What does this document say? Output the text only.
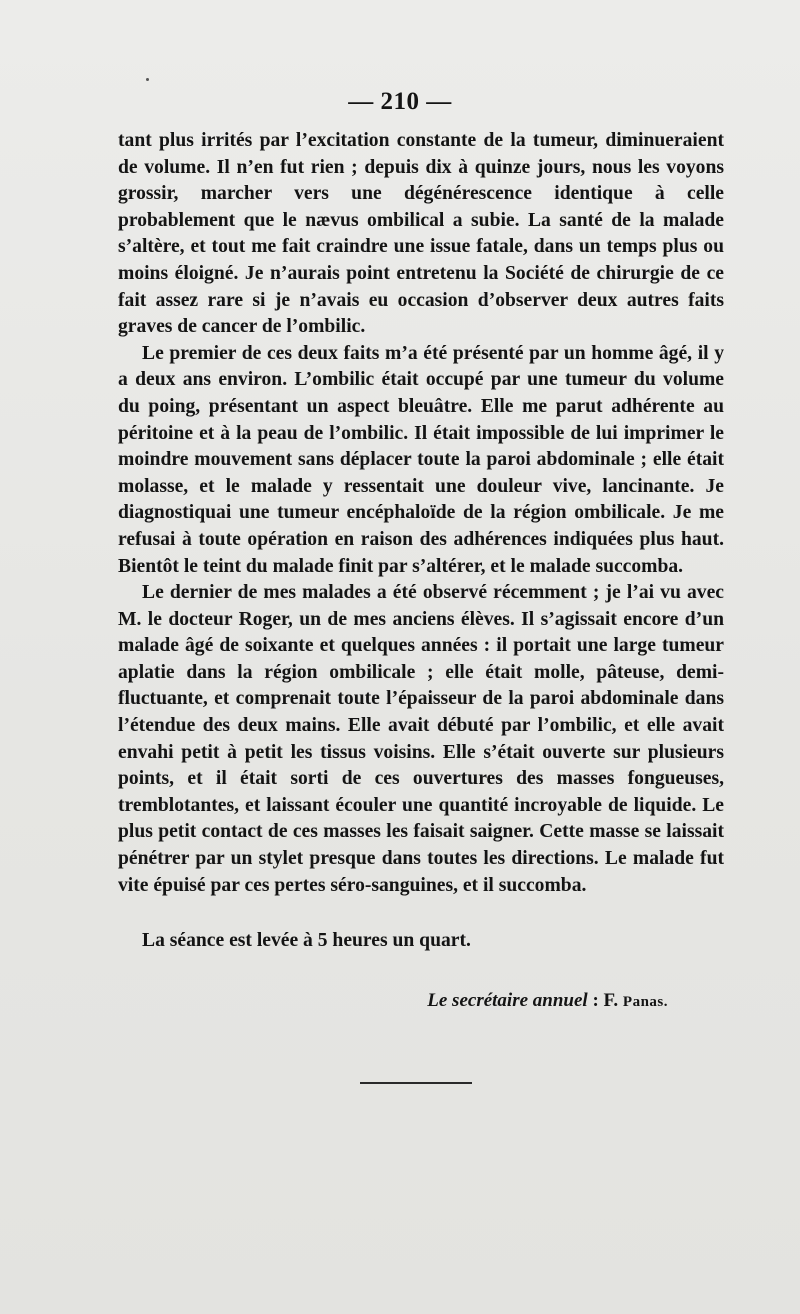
— 210 —

tant plus irrités par l’excitation constante de la tumeur, diminueraient de volume. Il n’en fut rien ; depuis dix à quinze jours, nous les voyons grossir, marcher vers une dégénérescence identique à celle probablement que le nævus ombilical a subie. La santé de la malade s’altère, et tout me fait craindre une issue fatale, dans un temps plus ou moins éloigné. Je n’aurais point entretenu la Société de chirurgie de ce fait assez rare si je n’avais eu occasion d’observer deux autres faits graves de cancer de l’ombilic.

Le premier de ces deux faits m’a été présenté par un homme âgé, il y a deux ans environ. L’ombilic était occupé par une tumeur du volume du poing, présentant un aspect bleuâtre. Elle me parut adhérente au péritoine et à la peau de l’ombilic. Il était impossible de lui imprimer le moindre mouvement sans déplacer toute la paroi abdominale ; elle était molasse, et le malade y ressentait une douleur vive, lancinante. Je diagnostiquai une tumeur encéphaloïde de la région ombilicale. Je me refusai à toute opération en raison des adhérences indiquées plus haut. Bientôt le teint du malade finit par s’altérer, et le malade succomba.

Le dernier de mes malades a été observé récemment ; je l’ai vu avec M. le docteur Roger, un de mes anciens élèves. Il s’agissait encore d’un malade âgé de soixante et quelques années : il portait une large tumeur aplatie dans la région ombilicale ; elle était molle, pâteuse, demi-fluctuante, et comprenait toute l’épaisseur de la paroi abdominale dans l’étendue des deux mains. Elle avait débuté par l’ombilic, et elle avait envahi petit à petit les tissus voisins. Elle s’était ouverte sur plusieurs points, et il était sorti de ces ouvertures des masses fongueuses, tremblotantes, et laissant écouler une quantité incroyable de liquide. Le plus petit contact de ces masses les faisait saigner. Cette masse se laissait pénétrer par un stylet presque dans toutes les directions. Le malade fut vite épuisé par ces pertes séro-sanguines, et il succomba.

La séance est levée à 5 heures un quart.
Le secrétaire annuel : F. Panas.
